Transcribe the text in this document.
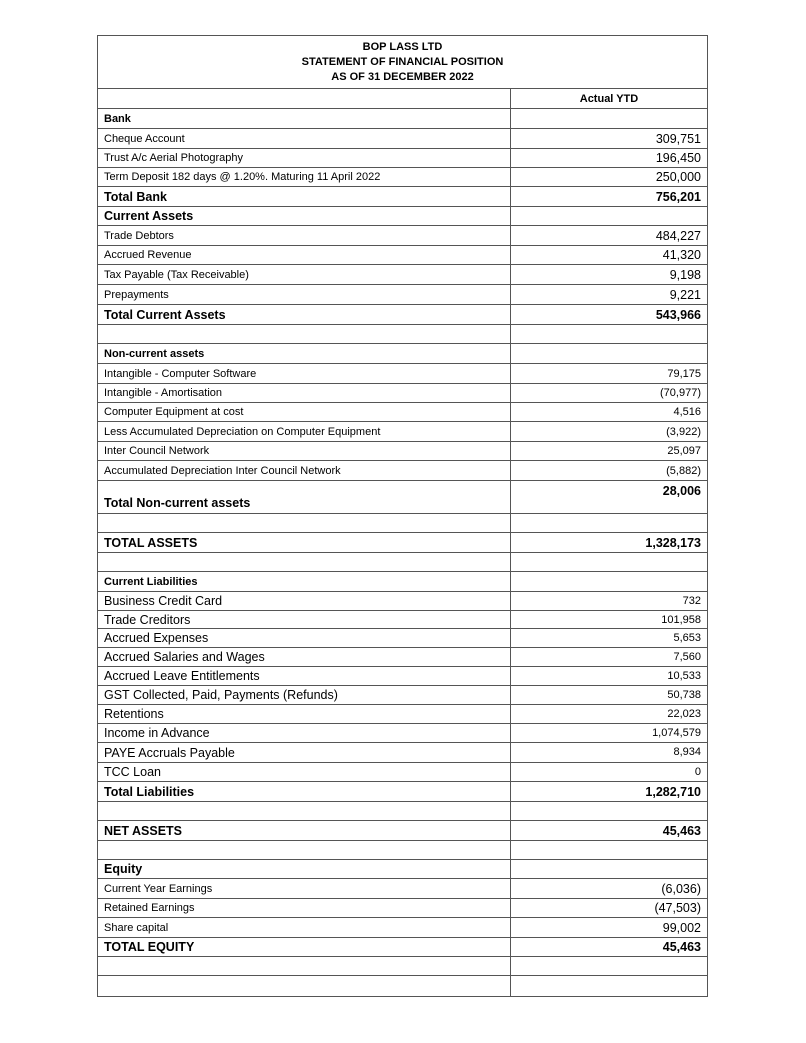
BOP LASS LTD
STATEMENT OF FINANCIAL POSITION
AS OF 31 DECEMBER 2022
	Actual YTD
Bank	
Cheque Account	309,751
Trust A/c Aerial Photography	196,450
Term Deposit 182 days @ 1.20%. Maturing 11 April 2022	250,000
Total Bank	756,201
Current Assets	
Trade Debtors	484,227
Accrued Revenue	41,320
Tax Payable (Tax Receivable)	9,198
Prepayments	9,221
Total Current Assets	543,966

Non-current assets	
Intangible - Computer Software	79,175
Intangible - Amortisation	(70,977)
Computer Equipment at cost	4,516
Less Accumulated Depreciation on Computer Equipment	(3,922)
Inter Council Network	25,097
Accumulated Depreciation Inter Council Network	(5,882)
Total Non-current assets	28,006

TOTAL ASSETS	1,328,173

Current Liabilities	
Business Credit Card	732
Trade Creditors	101,958
Accrued Expenses	5,653
Accrued Salaries and Wages	7,560
Accrued Leave Entitlements	10,533
GST Collected, Paid, Payments (Refunds)	50,738
Retentions	22,023
Income in Advance	1,074,579
PAYE Accruals Payable	8,934
TCC Loan	0
Total Liabilities	1,282,710

NET ASSETS	45,463

Equity	
Current Year Earnings	(6,036)
Retained Earnings	(47,503)
Share capital	99,002
TOTAL EQUITY	45,463
